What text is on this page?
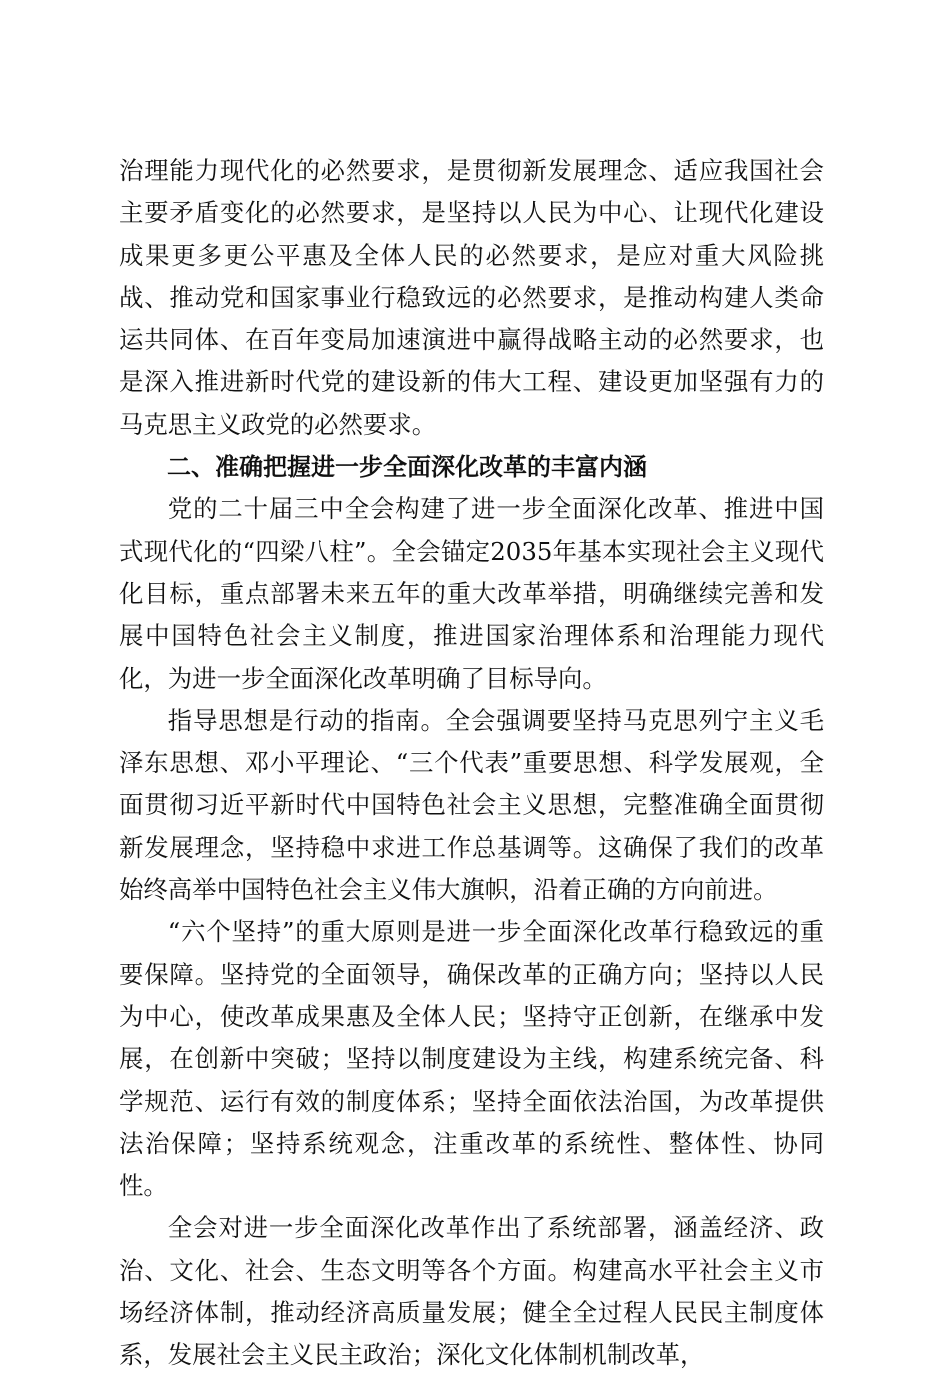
治理能力现代化的必然要求，是贯彻新发展理念、适应我国社会主要矛盾变化的必然要求，是坚持以人民为中心、让现代化建设成果更多更公平惠及全体人民的必然要求，是应对重大风险挑战、推动党和国家事业行稳致远的必然要求，是推动构建人类命运共同体、在百年变局加速演进中赢得战略主动的必然要求，也是深入推进新时代党的建设新的伟大工程、建设更加坚强有力的马克思主义政党的必然要求。

二、准确把握进一步全面深化改革的丰富内涵

党的二十届三中全会构建了进一步全面深化改革、推进中国式现代化的“四梁八柱”。全会锚定2035年基本实现社会主义现代化目标，重点部署未来五年的重大改革举措，明确继续完善和发展中国特色社会主义制度，推进国家治理体系和治理能力现代化，为进一步全面深化改革明确了目标导向。

指导思想是行动的指南。全会强调要坚持马克思列宁主义毛泽东思想、邓小平理论、“三个代表”重要思想、科学发展观，全面贯彻习近平新时代中国特色社会主义思想，完整准确全面贯彻新发展理念，坚持稳中求进工作总基调等。这确保了我们的改革始终高举中国特色社会主义伟大旗帜，沿着正确的方向前进。

“六个坚持”的重大原则是进一步全面深化改革行稳致远的重要保障。坚持党的全面领导，确保改革的正确方向；坚持以人民为中心，使改革成果惠及全体人民；坚持守正创新，在继承中发展，在创新中突破；坚持以制度建设为主线，构建系统完备、科学规范、运行有效的制度体系；坚持全面依法治国，为改革提供法治保障；坚持系统观念，注重改革的系统性、整体性、协同性。

全会对进一步全面深化改革作出了系统部署，涵盖经济、政治、文化、社会、生态文明等各个方面。构建高水平社会主义市场经济体制，推动经济高质量发展；健全全过程人民民主制度体系，发展社会主义民主政治；深化文化体制机制改革，
